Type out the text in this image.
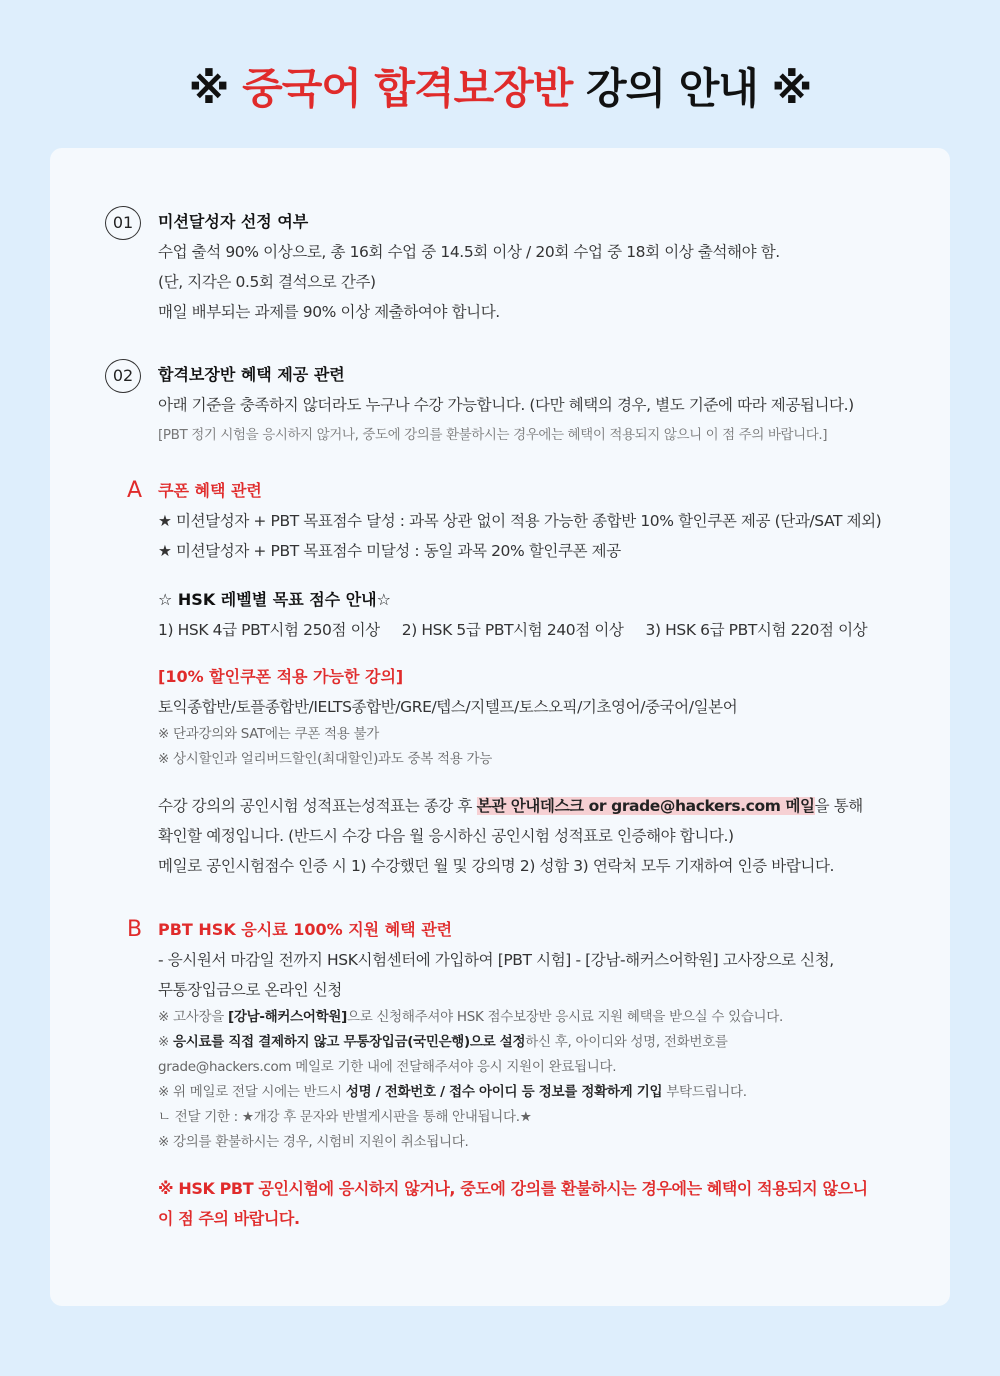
※ 중국어 합격보장반 강의 안내 ※
01	미션달성자 선정 여부
수업 출석 90% 이상으로, 총 16회 수업 중 14.5회 이상 / 20회 수업 중 18회 이상 출석해야 함.
(단, 지각은 0.5회 결석으로 간주)
매일 배부되는 과제를 90% 이상 제출하여야 합니다.
02	합격보장반 혜택 제공 관련
아래 기준을 충족하지 않더라도 누구나 수강 가능합니다. (다만 혜택의 경우, 별도 기준에 따라 제공됩니다.)
[PBT 정기 시험을 응시하지 않거나, 중도에 강의를 환불하시는 경우에는 혜택이 적용되지 않으니 이 점 주의 바랍니다.]
A 쿠폰 혜택 관련
★ 미션달성자 + PBT 목표점수 달성 : 과목 상관 없이 적용 가능한 종합반 10% 할인쿠폰 제공 (단과/SAT 제외)
★ 미션달성자 + PBT 목표점수 미달성 : 동일 과목 20% 할인쿠폰 제공
☆ HSK 레벨별 목표 점수 안내☆
1) HSK 4급 PBT시험 250점 이상 2) HSK 5급 PBT시험 240점 이상 3) HSK 6급 PBT시험 220점 이상
[10% 할인쿠폰 적용 가능한 강의]
토익종합반/토플종합반/IELTS종합반/GRE/텝스/지텔프/토스오픽/기초영어/중국어/일본어
※ 단과강의와 SAT에는 쿠폰 적용 불가
※ 상시할인과 얼리버드할인(최대할인)과도 중복 적용 가능
수강 강의의 공인시험 성적표는성적표는 종강 후 본관 안내데스크 or grade@hackers.com 메일을 통해
확인할 예정입니다. (반드시 수강 다음 월 응시하신 공인시험 성적표로 인증해야 합니다.)
메일로 공인시험점수 인증 시 1) 수강했던 월 및 강의명 2) 성함 3) 연락처 모두 기재하여 인증 바랍니다.
B PBT HSK 응시료 100% 지원 혜택 관련
- 응시원서 마감일 전까지 HSK시험센터에 가입하여 [PBT 시험] - [강남-해커스어학원] 고사장으로 신청,
무통장입금으로 온라인 신청
※ 고사장을 [강남-해커스어학원]으로 신청해주셔야 HSK 점수보장반 응시료 지원 혜택을 받으실 수 있습니다.
※ 응시료를 직접 결제하지 않고 무통장입금(국민은행)으로 설정하신 후, 아이디와 성명, 전화번호를
grade@hackers.com 메일로 기한 내에 전달해주셔야 응시 지원이 완료됩니다.
※ 위 메일로 전달 시에는 반드시 성명 / 전화번호 / 접수 아이디 등 정보를 정확하게 기입 부탁드립니다.
ㄴ 전달 기한 : ★개강 후 문자와 반별게시판을 통해 안내됩니다.★
※ 강의를 환불하시는 경우, 시험비 지원이 취소됩니다.
※ HSK PBT 공인시험에 응시하지 않거나, 중도에 강의를 환불하시는 경우에는 혜택이 적용되지 않으니
이 점 주의 바랍니다.
